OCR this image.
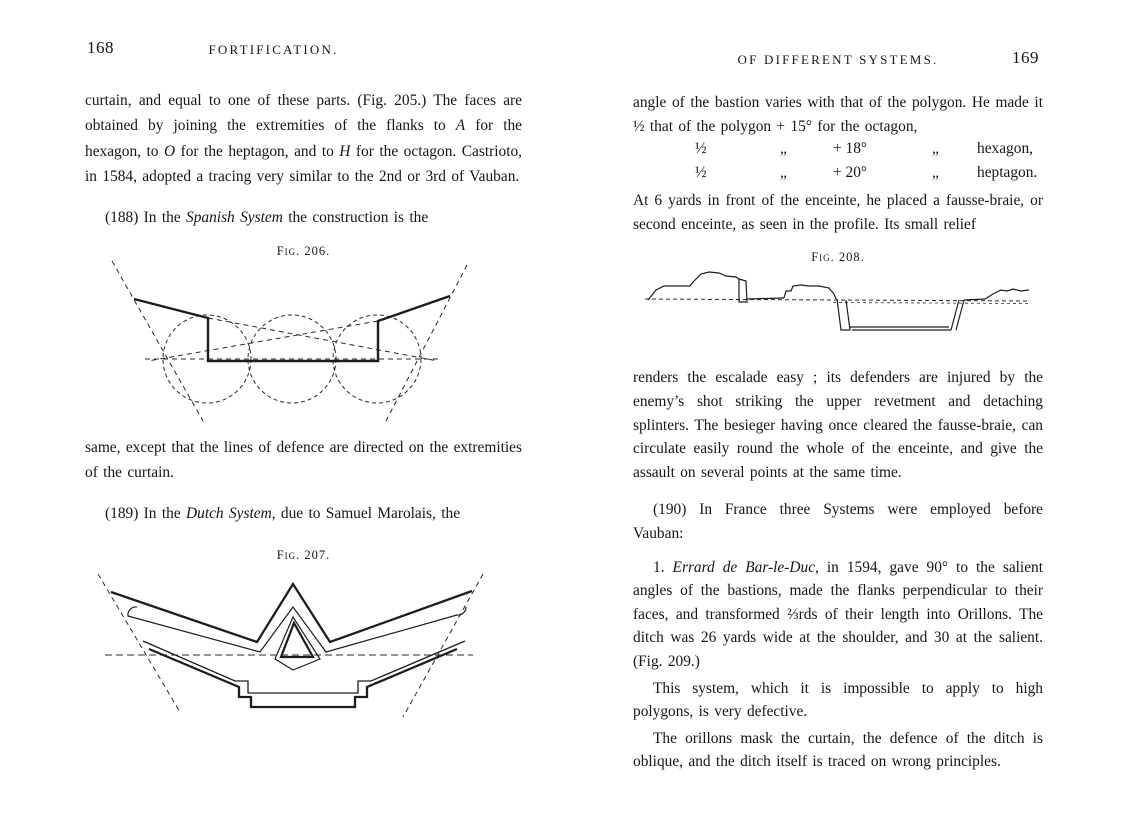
168	FORTIFICATION.

curtain, and equal to one of these parts. (Fig. 205.) The faces are obtained by joining the extremities of the flanks to A for the hexagon, to O for the heptagon, and to H for the octagon. Castrioto, in 1584, adopted a tracing very similar to the 2nd or 3rd of Vauban.

(188) In the Spanish System the construction is the

Fig. 206.

same, except that the lines of defence are directed on the extremities of the curtain.

(189) In the Dutch System, due to Samuel Marolais, the

Fig. 207.

OF DIFFERENT SYSTEMS.	169

angle of the bastion varies with that of the polygon. He made it ½ that of the polygon + 15° for the octagon,

½	„	+ 18°	„ hexagon,
½	„	+ 20°	„ heptagon.

At 6 yards in front of the enceinte, he placed a fausse-braie, or second enceinte, as seen in the profile. Its small relief

Fig. 208.

renders the escalade easy ; its defenders are injured by the enemy’s shot striking the upper revetment and detaching splinters. The besieger having once cleared the fausse-braie, can circulate easily round the whole of the enceinte, and give the assault on several points at the same time.

(190) In France three Systems were employed before Vauban:

1. Errard de Bar-le-Duc, in 1594, gave 90° to the salient angles of the bastions, made the flanks perpendicular to their faces, and transformed ⅔rds of their length into Orillons. The ditch was 26 yards wide at the shoulder, and 30 at the salient. (Fig. 209.)

This system, which it is impossible to apply to high polygons, is very defective.

The orillons mask the curtain, the defence of the ditch is oblique, and the ditch itself is traced on wrong principles.
